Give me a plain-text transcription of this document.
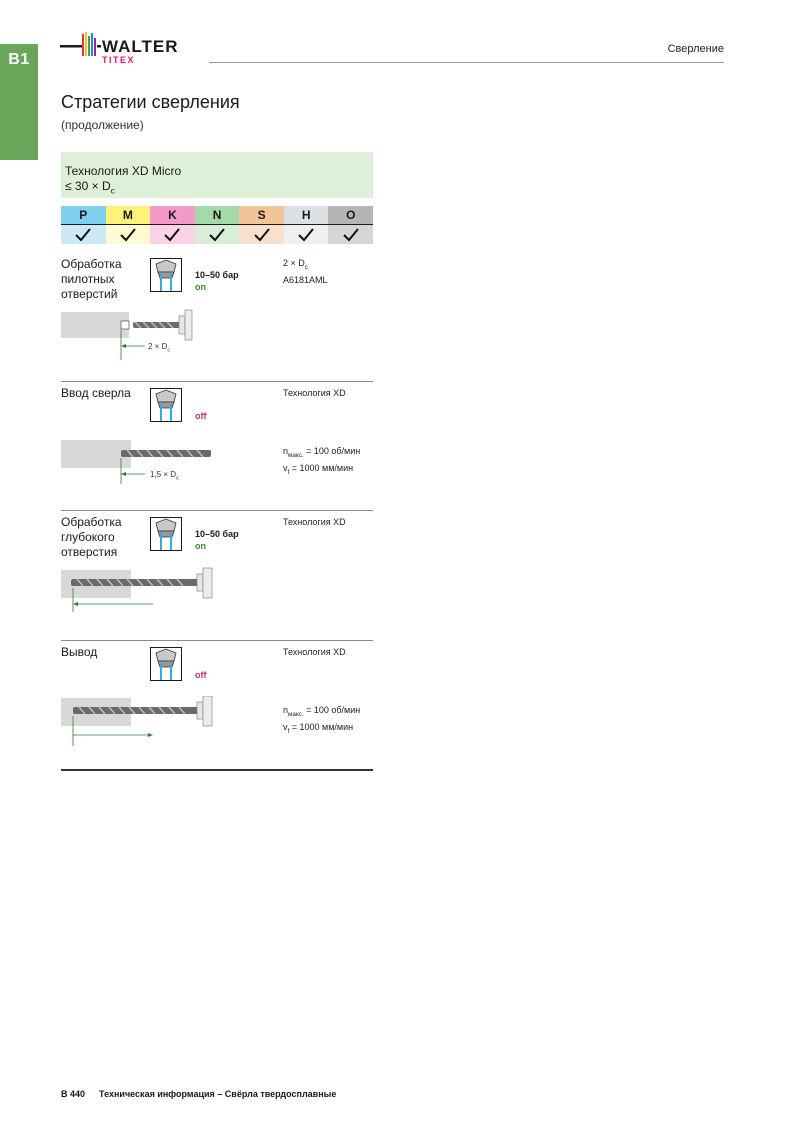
B1
WALTER
TITEX
Сверление
Стратегии сверления
(продолжение)
Технология XD Micro
≤ $30 \times D_c$
P	M	K	N	S	H	O
Обработка
пилотных
отверстий
10–50 бар
on
$2 \times D_c$
A6181AML
$2 \times D_c$
Ввод сверла
off
Технология XD
$n_{макс.} = 100$ об/мин
$v_f = 1000$ мм/мин
$1,5 \times D_c$
Обработка
глубокого
отверстия
10–50 бар
on
Технология XD
Вывод
off
Технология XD
$n_{макс.} = 100$ об/мин
$v_f = 1000$ мм/мин
B 440 Техническая информация – Свёрла твердосплавные
